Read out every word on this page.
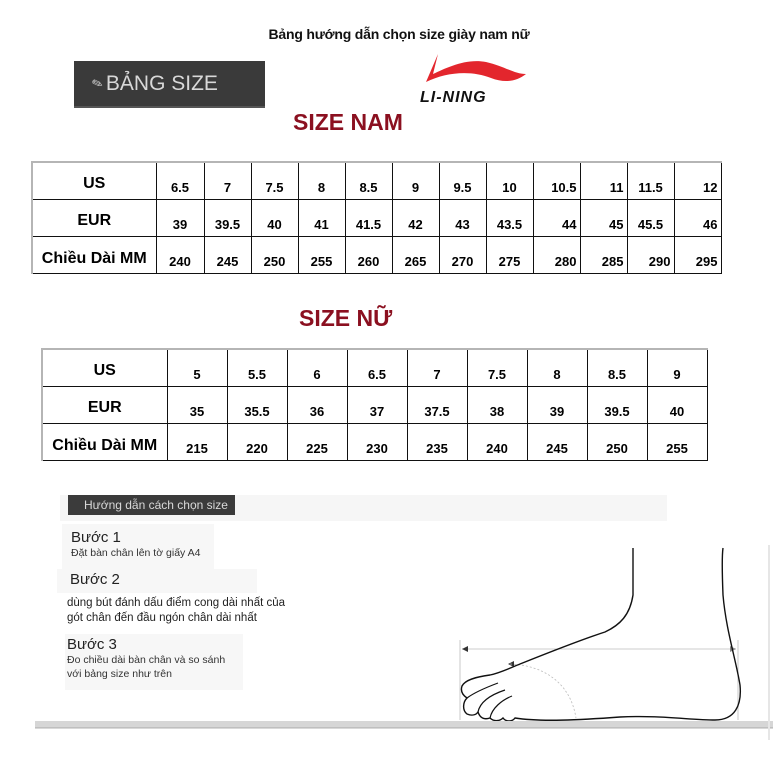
Bảng hướng dẫn chọn size giày nam nữ
✎ BẢNG SIZE
LI-NING
SIZE NAM
US	6.5	7	7.5	8	8.5	9	9.5	10	10.5	11	11.5	12
EUR	39	39.5	40	41	41.5	42	43	43.5	44	45	45.5	46
Chiều Dài MM	240	245	250	255	260	265	270	275	280	285	290	295
SIZE NỮ
US	5	5.5	6	6.5	7	7.5	8	8.5	9
EUR	35	35.5	36	37	37.5	38	39	39.5	40
Chiều Dài MM	215	220	225	230	235	240	245	250	255
Hướng dẫn cách chọn size
Bước 1
Đặt bàn chân lên tờ giấy A4
Bước 2
dùng bút đánh dấu điểm cong dài nhất của
gót chân đến đầu ngón chân dài nhất
Bước 3
Đo chiều dài bàn chân và so sánh
với bảng size như trên
